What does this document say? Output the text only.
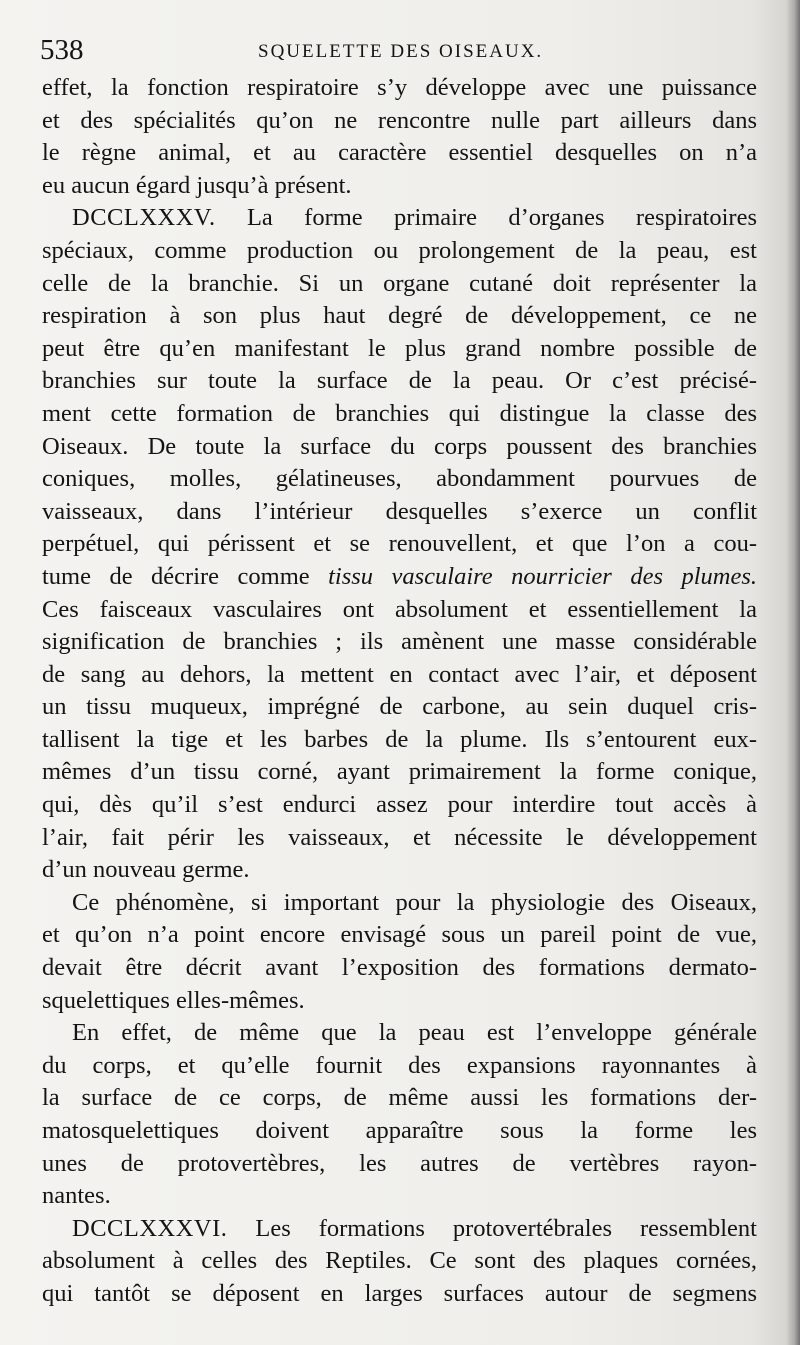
538	SQUELETTE DES OISEAUX.

effet, la fonction respiratoire s’y développe avec une puissance
et des spécialités qu’on ne rencontre nulle part ailleurs dans
le règne animal, et au caractère essentiel desquelles on n’a
eu aucun égard jusqu’à présent.

DCCLXXXV. La forme primaire d’organes respiratoires
spéciaux, comme production ou prolongement de la peau, est
celle de la branchie. Si un organe cutané doit représenter la
respiration à son plus haut degré de développement, ce ne
peut être qu’en manifestant le plus grand nombre possible de
branchies sur toute la surface de la peau. Or c’est précisé-
ment cette formation de branchies qui distingue la classe des
Oiseaux. De toute la surface du corps poussent des branchies
coniques, molles, gélatineuses, abondamment pourvues de
vaisseaux, dans l’intérieur desquelles s’exerce un conflit
perpétuel, qui périssent et se renouvellent, et que l’on a cou-
tume de décrire comme tissu vasculaire nourricier des plumes.
Ces faisceaux vasculaires ont absolument et essentiellement la
signification de branchies ; ils amènent une masse considérable
de sang au dehors, la mettent en contact avec l’air, et déposent
un tissu muqueux, imprégné de carbone, au sein duquel cris-
tallisent la tige et les barbes de la plume. Ils s’entourent eux-
mêmes d’un tissu corné, ayant primairement la forme conique,
qui, dès qu’il s’est endurci assez pour interdire tout accès à
l’air, fait périr les vaisseaux, et nécessite le développement
d’un nouveau germe.

Ce phénomène, si important pour la physiologie des Oiseaux,
et qu’on n’a point encore envisagé sous un pareil point de vue,
devait être décrit avant l’exposition des formations dermato-
squelettiques elles-mêmes.

En effet, de même que la peau est l’enveloppe générale
du corps, et qu’elle fournit des expansions rayonnantes à
la surface de ce corps, de même aussi les formations der-
matosquelettiques doivent apparaître sous la forme les
unes de protovertèbres, les autres de vertèbres rayon-
nantes.

DCCLXXXVI. Les formations protovertébrales ressemblent
absolument à celles des Reptiles. Ce sont des plaques cornées,
qui tantôt se déposent en larges surfaces autour de segmens
